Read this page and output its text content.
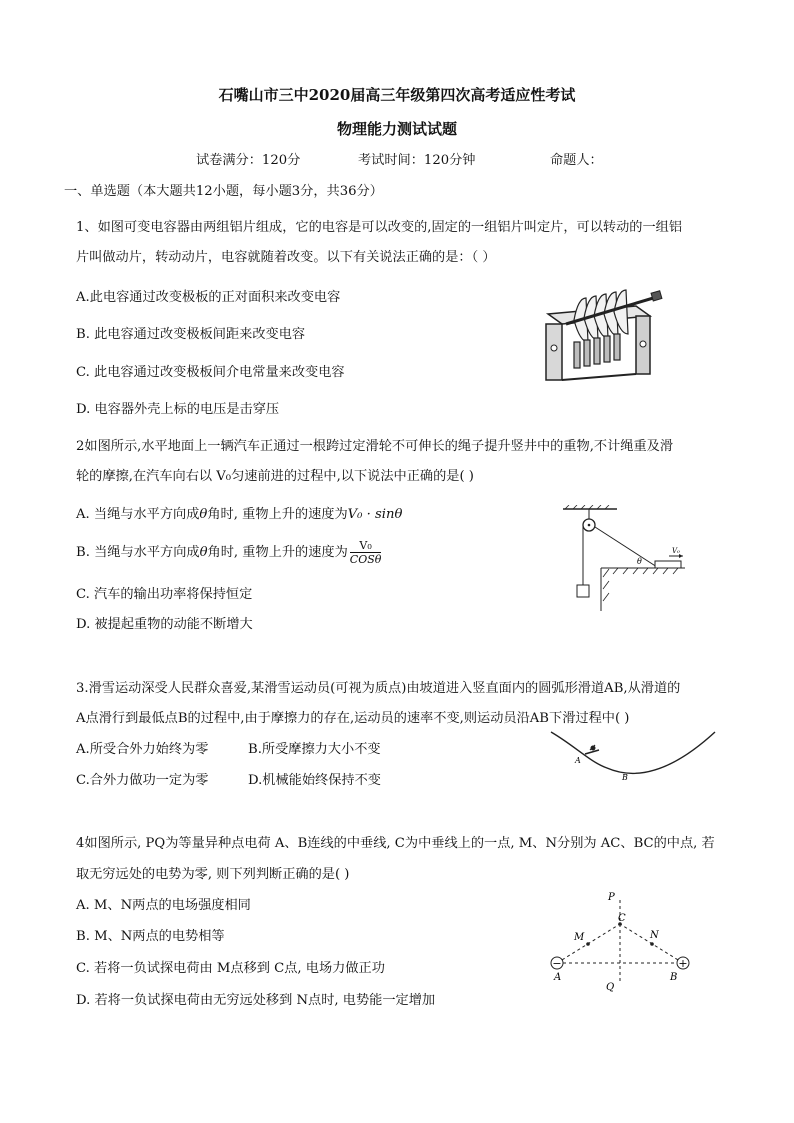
石嘴山市三中2020届高三年级第四次高考适应性考试
物理能力测试试题
试卷满分：120分	考试时间：120分钟	命题人：
一、单选题（本大题共12小题，每小题3分，共36分）
1、如图可变电容器由两组铝片组成，它的电容是可以改变的,固定的一组铝片叫定片，可以转动的一组铝
片叫做动片，转动动片，电容就随着改变。以下有关说法正确的是：（ ）
A.此电容通过改变极板的正对面积来改变电容
B. 此电容通过改变极板间距来改变电容
C. 此电容通过改变极板间介电常量来改变电容
D. 电容器外壳上标的电压是击穿压
2如图所示,水平地面上一辆汽车正通过一根跨过定滑轮不可伸长的绳子提升竖井中的重物,不计绳重及滑
轮的摩擦,在汽车向右以 V₀匀速前进的过程中,以下说法中正确的是( )
A. 当绳与水平方向成θ角时, 重物上升的速度为V₀ · sinθ
B. 当绳与水平方向成θ角时, 重物上升的速度为 $\frac{\text{V₀}}{\text{COSθ}}$
C. 汽车的输出功率将保持恒定
D. 被提起重物的动能不断增大
θ
V₀
3.滑雪运动深受人民群众喜爱,某滑雪运动员(可视为质点)由坡道进入竖直面内的圆弧形滑道AB,从滑道的
A点滑行到最低点B的过程中,由于摩擦力的存在,运动员的速率不变,则运动员沿AB下滑过程中( )
A.所受合外力始终为零	B.所受摩擦力大小不变
C.合外力做功一定为零	D.机械能始终保持不变
A
B
4如图所示, PQ为等量异种点电荷 A、B连线的中垂线, C为中垂线上的一点, M、N分别为 AC、BC的中点, 若
取无穷远处的电势为零, 则下列判断正确的是( )
A. M、N两点的电场强度相同
B. M、N两点的电势相等
C. 若将一负试探电荷由 M点移到 C点, 电场力做正功
D. 若将一负试探电荷由无穷远处移到 N点时, 电势能一定增加
−	+
P
C
M	N
A	B
Q
